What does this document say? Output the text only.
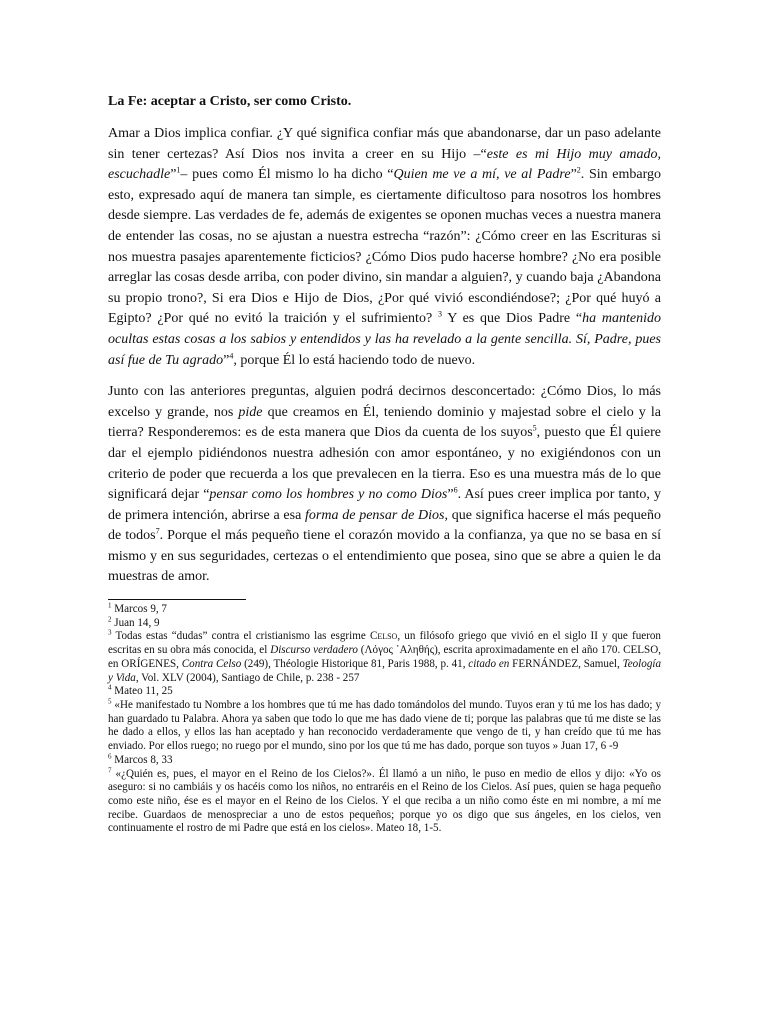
La Fe: aceptar a Cristo, ser como Cristo.

Amar a Dios implica confiar. ¿Y qué significa confiar más que abandonarse, dar un paso adelante sin tener certezas? Así Dios nos invita a creer en su Hijo –“este es mi Hijo muy amado, escuchadle”$^1$– pues como Él mismo lo ha dicho “Quien me ve a mí, ve al Padre”$^2$. Sin embargo esto, expresado aquí de manera tan simple, es ciertamente dificultoso para nosotros los hombres desde siempre. Las verdades de fe, además de exigentes se oponen muchas veces a nuestra manera de entender las cosas, no se ajustan a nuestra estrecha “razón”: ¿Cómo creer en las Escrituras si nos muestra pasajes aparentemente ficticios? ¿Cómo Dios pudo hacerse hombre? ¿No era posible arreglar las cosas desde arriba, con poder divino, sin mandar a alguien?, y cuando baja ¿Abandona su propio trono?, Si era Dios e Hijo de Dios, ¿Por qué vivió escondiéndose?; ¿Por qué huyó a Egipto? ¿Por qué no evitó la traición y el sufrimiento? $^3$ Y es que Dios Padre “ha mantenido ocultas estas cosas a los sabios y entendidos y las ha revelado a la gente sencilla. Sí, Padre, pues así fue de Tu agrado”$^4$, porque Él lo está haciendo todo de nuevo.

Junto con las anteriores preguntas, alguien podrá decirnos desconcertado: ¿Cómo Dios, lo más excelso y grande, nos pide que creamos en Él, teniendo dominio y majestad sobre el cielo y la tierra? Responderemos: es de esta manera que Dios da cuenta de los suyos$^5$, puesto que Él quiere dar el ejemplo pidiéndonos nuestra adhesión con amor espontáneo, y no exigiéndonos con un criterio de poder que recuerda a los que prevalecen en la tierra. Eso es una muestra más de lo que significará dejar “pensar como los hombres y no como Dios”$^6$. Así pues creer implica por tanto, y de primera intención, abrirse a esa forma de pensar de Dios, que significa hacerse el más pequeño de todos$^7$. Porque el más pequeño tiene el corazón movido a la confianza, ya que no se basa en sí mismo y en sus seguridades, certezas o el entendimiento que posea, sino que se abre a quien le da muestras de amor.

$^1$ Marcos 9, 7

$^2$ Juan 14, 9

$^3$ Todas estas “dudas” contra el cristianismo las esgrime Celso, un filósofo griego que vivió en el siglo II y que fueron escritas en su obra más conocida, el Discurso verdadero (Λόγος ᾿Αληθής), escrita aproximadamente en el año 170. CELSO, en ORÍGENES, Contra Celso (249), Théologie Historique 81, Paris 1988, p. 41, citado en FERNÁNDEZ, Samuel, Teología y Vida, Vol. XLV (2004), Santiago de Chile, p. 238 - 257

$^4$ Mateo 11, 25

$^5$ «He manifestado tu Nombre a los hombres que tú me has dado tomándolos del mundo. Tuyos eran y tú me los has dado; y han guardado tu Palabra. Ahora ya saben que todo lo que me has dado viene de ti; porque las palabras que tú me diste se las he dado a ellos, y ellos las han aceptado y han reconocido verdaderamente que vengo de ti, y han creído que tú me has enviado. Por ellos ruego; no ruego por el mundo, sino por los que tú me has dado, porque son tuyos » Juan 17, 6 -9

$^6$ Marcos 8, 33

$^7$ «¿Quién es, pues, el mayor en el Reino de los Cielos?». Él llamó a un niño, le puso en medio de ellos y dijo: «Yo os aseguro: si no cambiáis y os hacéis como los niños, no entraréis en el Reino de los Cielos. Así pues, quien se haga pequeño como este niño, ése es el mayor en el Reino de los Cielos. Y el que reciba a un niño como éste en mi nombre, a mí me recibe. Guardaos de menospreciar a uno de estos pequeños; porque yo os digo que sus ángeles, en los cielos, ven continuamente el rostro de mi Padre que está en los cielos». Mateo 18, 1-5.
